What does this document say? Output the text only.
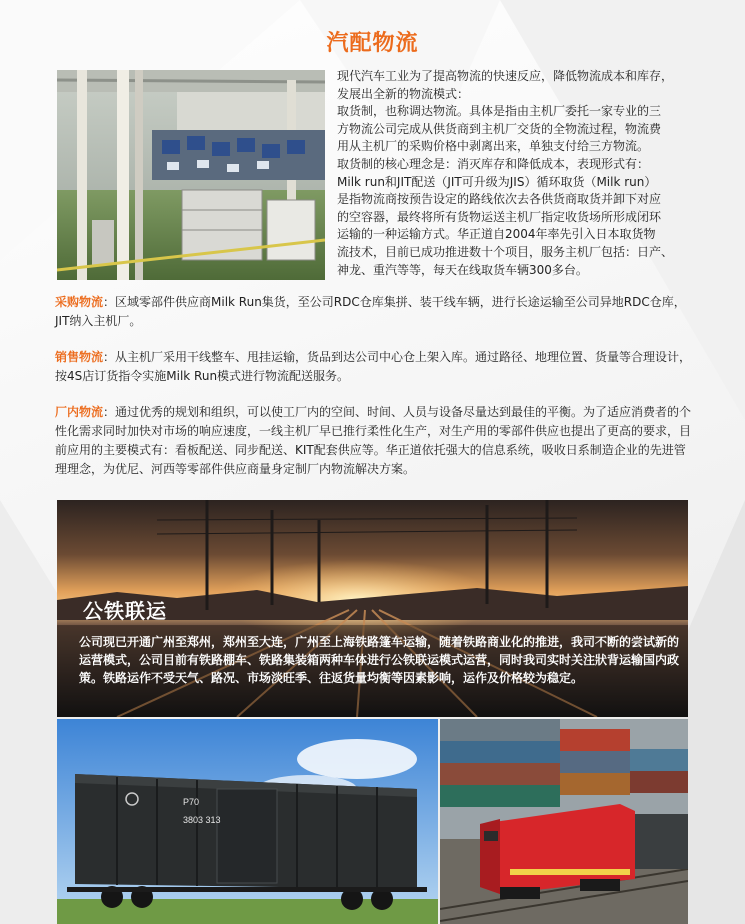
汽配物流

现代汽车工业为了提高物流的快速反应，降低物流成本和库存，

发展出全新的物流模式：

取货制，也称调达物流。具体是指由主机厂委托一家专业的三

方物流公司完成从供货商到主机厂交货的全物流过程，物流费

用从主机厂的采购价格中剥离出来，单独支付给三方物流。

取货制的核心理念是：消灭库存和降低成本，表现形式有：

Milk run和JIT配送（JIT可升级为JIS）循环取货（Milk run）

是指物流商按预告设定的路线依次去各供货商取货并卸下对应

的空容器，最终将所有货物运送主机厂指定收货场所形成闭环

运输的一种运输方式。华正道自2004年率先引入日本取货物

流技术，目前已成功推进数十个项目，服务主机厂包括：日产、

神龙、重汽等等，每天在线取货车辆300多台。

采购物流：区域零部件供应商Milk Run集货，至公司RDC仓库集拼、装干线车辆，进行长途运输至公司异地RDC仓库，JIT纳入主机厂。
销售物流：从主机厂采用干线整车、甩挂运输，货品到达公司中心仓上架入库。通过路径、地理位置、货量等合理设计，按4S店订货指令实施Milk Run模式进行物流配送服务。
厂内物流：通过优秀的规划和组织，可以使工厂内的空间、时间、人员与设备尽量达到最佳的平衡。为了适应消费者的个性化需求同时加快对市场的响应速度，一线主机厂早已推行柔性化生产，对生产用的零部件供应也提出了更高的要求，目前应用的主要模式有：看板配送、同步配送、KIT配套供应等。华正道依托强大的信息系统，吸收日系制造企业的先进管理理念，为优尼、河西等零部件供应商量身定制厂内物流解决方案。
公铁联运
公司现已开通广州至郑州，郑州至大连，广州至上海铁路篷车运输，随着铁路商业化的推进，我司不断的尝试新的运营模式，公司目前有铁路棚车、铁路集装箱两种车体进行公铁联运模式运营，同时我司实时关注狀背运输国内政策。铁路运作不受天气、路况、市场淡旺季、往返货量均衡等因素影响，运作及价格较为稳定。
P70
3803 313
